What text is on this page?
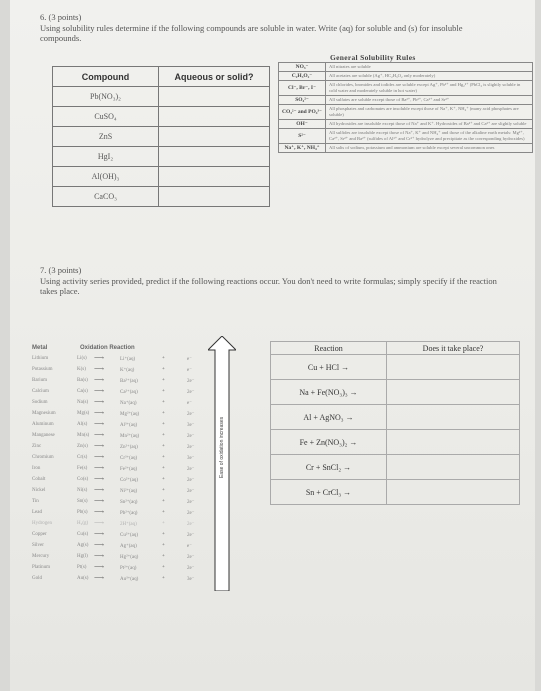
6. (3 points)
Using solubility rules determine if the following compounds are soluble in water. Write (aq) for soluble and (s) for insoluble compounds.
Compound	Aqueous or solid?
Pb(NO₃)₂	
CuSO₄	
ZnS	
HgI₂	
Al(OH)₃	
CaCO₃	
General Solubility Rules
NO₃⁻	All nitrates are soluble
C₂H₃O₂⁻	All acetates are soluble (Ag⁺, HC₂H₃O₂ only moderately)
Cl⁻, Br⁻, I⁻	All chlorides, bromides and iodides are soluble except Ag⁺, Pb²⁺ and Hg₂²⁺ (PbCl₂ is slightly soluble in cold water and moderately soluble in hot water)
SO₄²⁻	All sulfates are soluble except those of Ba²⁺, Pb²⁺, Ca²⁺ and Sr²⁺
CO₃²⁻ and PO₄³⁻	All phosphates and carbonates are insoluble except those of Na⁺, K⁺, NH₄⁺ (many acid phosphates are soluble)
OH⁻	All hydroxides are insoluble except those of Na⁺ and K⁺. Hydroxides of Ba²⁺ and Ca²⁺ are slightly soluble
S²⁻	All sulfides are insoluble except those of Na⁺, K⁺ and NH₄⁺ and those of the alkaline earth metals: Mg²⁺, Ca²⁺, Sr²⁺ and Ba²⁺ (sulfides of Al³⁺ and Cr³⁺ hydrolyze and precipitate as the corresponding hydroxides)
Na⁺, K⁺, NH₄⁺	All salts of sodium, potassium and ammonium are soluble except several uncommon ones
7. (3 points)
Using activity series provided, predict if the following reactions occur. You don't need to write formulas; simply specify if the reaction takes place.
Metal	Oxidation Reaction
Lithium	Li(s) ⟶	Li⁺(aq)	+	e⁻
Potassium	K(s) ⟶	K⁺(aq)	+	e⁻
Barium	Ba(s) ⟶	Ba²⁺(aq)	+	2e⁻
Calcium	Ca(s) ⟶	Ca²⁺(aq)	+	2e⁻
Sodium	Na(s) ⟶	Na⁺(aq)	+	e⁻
Magnesium	Mg(s) ⟶	Mg²⁺(aq)	+	2e⁻
Aluminum	Al(s) ⟶	Al³⁺(aq)	+	3e⁻
Manganese	Mn(s) ⟶	Mn²⁺(aq)	+	2e⁻
Zinc	Zn(s) ⟶	Zn²⁺(aq)	+	2e⁻
Chromium	Cr(s) ⟶	Cr³⁺(aq)	+	3e⁻
Iron	Fe(s) ⟶	Fe²⁺(aq)	+	2e⁻
Cobalt	Co(s) ⟶	Co²⁺(aq)	+	2e⁻
Nickel	Ni(s) ⟶	Ni²⁺(aq)	+	2e⁻
Tin	Sn(s) ⟶	Sn²⁺(aq)	+	2e⁻
Lead	Pb(s) ⟶	Pb²⁺(aq)	+	2e⁻
Hydrogen	H₂(g) ⟶	2H⁺(aq)	+	2e⁻
Copper	Cu(s) ⟶	Cu²⁺(aq)	+	2e⁻
Silver	Ag(s) ⟶	Ag⁺(aq)	+	e⁻
Mercury	Hg(l) ⟶	Hg²⁺(aq)	+	2e⁻
Platinum	Pt(s) ⟶	Pt²⁺(aq)	+	2e⁻
Gold	Au(s) ⟶	Au³⁺(aq)	+	3e⁻
Ease of oxidation increases
Reaction	Does it take place?
Cu + HCl →	
Na + Fe(NO₃)₃ →	
Al + AgNO₃ →	
Fe + Zn(NO₃)₂ →	
Cr + SnCl₂ →	
Sn + CrCl₃ →	
